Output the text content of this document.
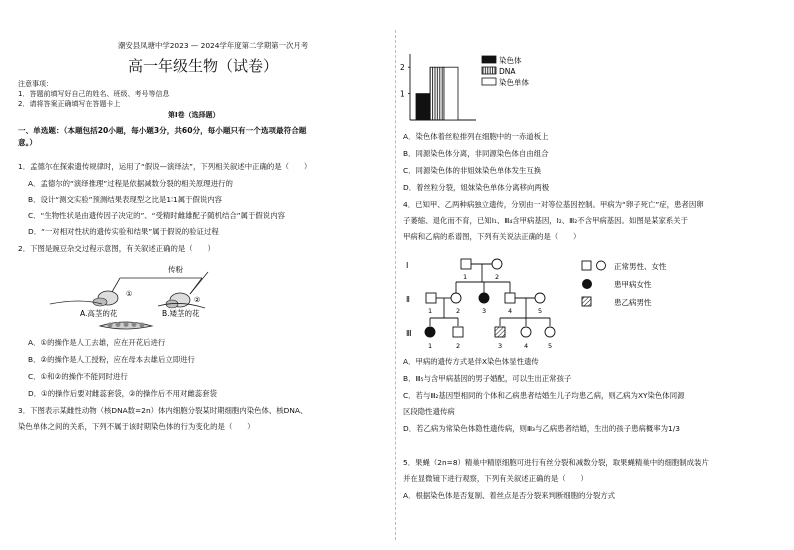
潮安县凤塘中学2023 — 2024学年度第二学期第一次月考
高一年级生物（试卷）
注意事项：
1．答题前填写好自己的姓名、班级、考号等信息
2．请将答案正确填写在答题卡上
第Ⅰ卷（选择题）
一、单选题：（本题包括20小题，每小题3分，共60分，每小题只有一个选项最符合题
意。）
1．孟德尔在探索遗传规律时，运用了“假说—演绎法”，下列相关叙述中正确的是（　　）
A．孟德尔的“演绎推理”过程是依据减数分裂的相关原理进行的
B．设计“测交实验”预测结果表现型之比是1∶1属于假说内容
C．“生物性状是由遗传因子决定的”、“受精时雌雄配子随机结合”属于假说内容
D．“一对相对性状的遗传实验和结果”属于假说的验证过程
2．下图是豌豆杂交过程示意图，有关叙述正确的是（　　）
传粉
①
②
A.高茎的花	B.矮茎的花
A．①的操作是人工去雄，应在开花后进行
B．②的操作是人工授粉，应在母本去雄后立即进行
C．①和②的操作不能同时进行
D．①的操作后要对雌蕊套袋，②的操作后不用对雌蕊套袋
3．下图表示某雌性动物（核DNA数=2n）体内细胞分裂某时期细胞内染色体、核DNA、
染色单体之间的关系，下列不属于该时期染色体的行为变化的是（　　）
1
2
染色体
DNA
染色单体
A．染色体着丝粒排列在细胞中的一赤道板上
B．同源染色体分离，非同源染色体自由组合
C．同源染色体的非姐妹染色单体发生互换
D．着丝粒分裂，姐妹染色单体分离移向两极
4．已知甲、乙两种病独立遗传，分别由一对等位基因控制。甲病为“卵子死亡”症，患者因卵
子萎缩、退化而不育，已知Ⅰ₁、Ⅲ₄含甲病基因，Ⅰ₂、Ⅲ₂不含甲病基因。如图是某家系关于
甲病和乙病的系谱图，下列有关说法正确的是（　　）
Ⅰ
Ⅱ
Ⅲ
1	2
2	3	4	5
1
1	2	3	4	5
正常男性、女性
患甲病女性
患乙病男性
A．甲病的遗传方式是伴X染色体显性遗传
B．Ⅲ₅与含甲病基因的男子婚配，可以生出正常孩子
C．若与Ⅲ₂基因型相同的个体和乙病患者结婚生儿子均患乙病，则乙病为XY染色体同源
区段隐性遗传病
D．若乙病为常染色体隐性遗传病，则Ⅲ₃与乙病患者结婚，生出的孩子患病概率为1/3
5．果蝇（2n=8）精巢中精原细胞可进行有丝分裂和减数分裂，取果蝇精巢中的细胞制成装片
并在显微镜下进行观察，下列有关叙述正确的是（　　）
A．根据染色体是否复制、着丝点是否分裂来判断细胞的分裂方式
